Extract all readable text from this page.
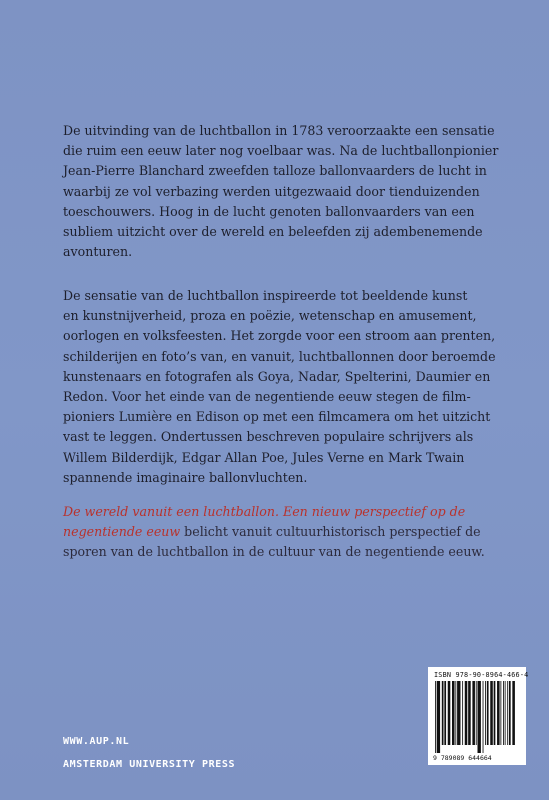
De uitvinding van de luchtballon in 1783 veroorzaakte een sensatie
die ruim een eeuw later nog voelbaar was. Na de luchtballonpionier
Jean-Pierre Blanchard zweefden talloze ballonvaarders de lucht in
waarbij ze vol verbazing werden uitgezwaaid door tienduizenden
toeschouwers. Hoog in de lucht genoten ballonvaarders van een
subliem uitzicht over de wereld en beleefden zij adembenemende
avonturen.

De sensatie van de luchtballon inspireerde tot beeldende kunst
en kunstnijverheid, proza en poëzie, wetenschap en amusement,
oorlogen en volksfeesten. Het zorgde voor een stroom aan prenten,
schilderijen en foto’s van, en vanuit, luchtballonnen door beroemde
kunstenaars en fotografen als Goya, Nadar, Spelterini, Daumier en
Redon. Voor het einde van de negentiende eeuw stegen de film-
pioniers Lumière en Edison op met een filmcamera om het uitzicht
vast te leggen. Ondertussen beschreven populaire schrijvers als
Willem Bilderdijk, Edgar Allan Poe, Jules Verne en Mark Twain
spannende imaginaire ballonvluchten.

De wereld vanuit een luchtballon. Een nieuw perspectief op de
negentiende eeuw belicht vanuit cultuurhistorisch perspectief de
sporen van de luchtballon in de cultuur van de negentiende eeuw.

ISBN 978-90-8964-466-4
9 789089 644664
WWW.AUP.NL
AMSTERDAM UNIVERSITY PRESS
